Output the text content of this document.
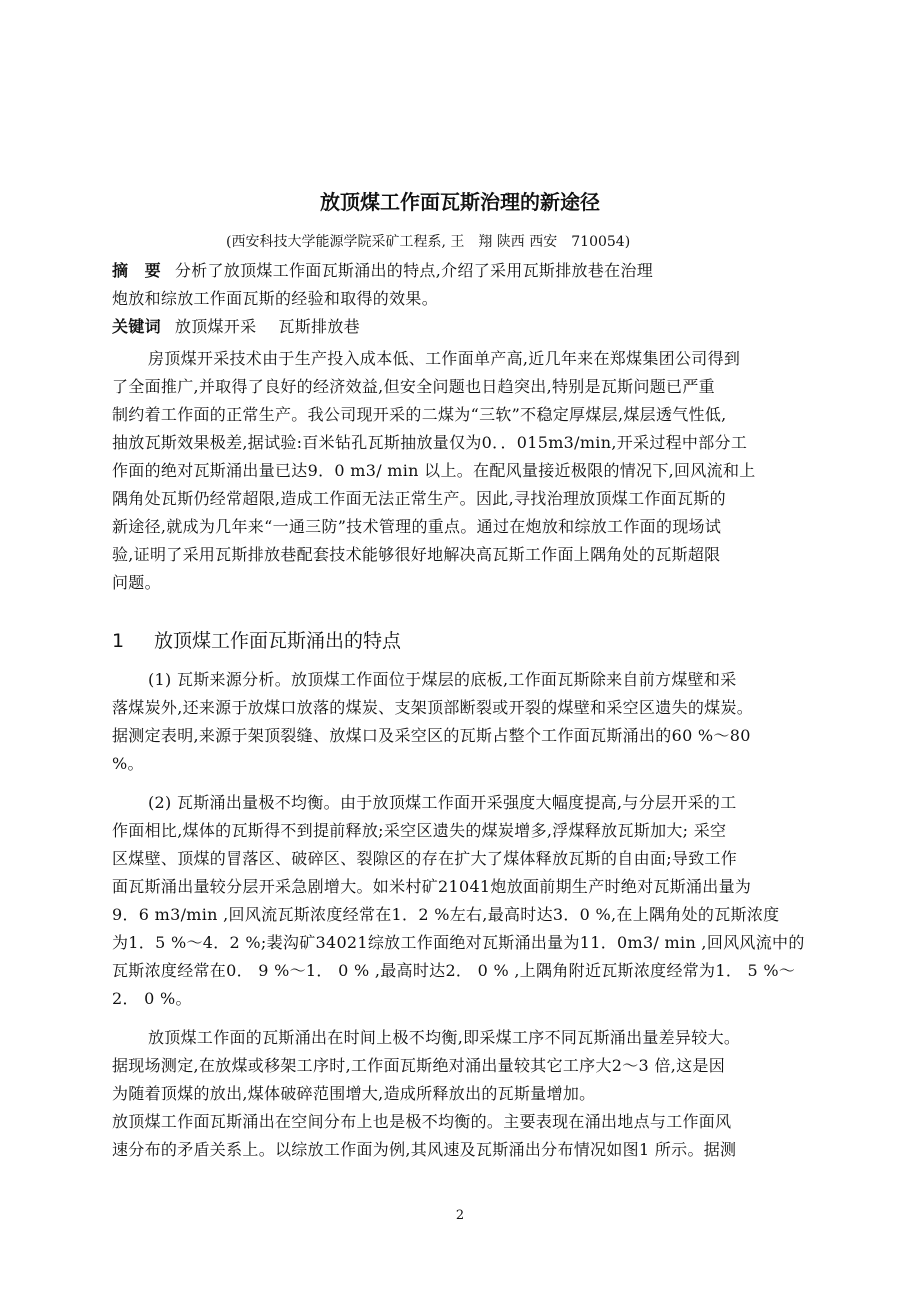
放顶煤工作面瓦斯治理的新途径
(西安科技大学能源学院采矿工程系, 王　翔 陕西 西安　710054)
摘　要 分析了放顶煤工作面瓦斯涌出的特点,介绍了采用瓦斯排放巷在治理
炮放和综放工作面瓦斯的经验和取得的效果。
关键词 放顶煤开采 瓦斯排放巷
房顶煤开采技术由于生产投入成本低、工作面单产高,近几年来在郑煤集团公司得到
了全面推广,并取得了良好的经济效益,但安全问题也日趋突出,特别是瓦斯问题已严重
制约着工作面的正常生产。我公司现开采的二煤为“三软”不稳定厚煤层,煤层透气性低,
抽放瓦斯效果极差,据试验:百米钻孔瓦斯抽放量仅为0．．015m3/min,开采过程中部分工
作面的绝对瓦斯涌出量已达9．0 m3/ min 以上。在配风量接近极限的情况下,回风流和上
隅角处瓦斯仍经常超限,造成工作面无法正常生产。因此,寻找治理放顶煤工作面瓦斯的
新途径,就成为几年来“一通三防”技术管理的重点。通过在炮放和综放工作面的现场试
验,证明了采用瓦斯排放巷配套技术能够很好地解决高瓦斯工作面上隅角处的瓦斯超限
问题。
1 放顶煤工作面瓦斯涌出的特点
(1) 瓦斯来源分析。放顶煤工作面位于煤层的底板,工作面瓦斯除来自前方煤壁和采
落煤炭外,还来源于放煤口放落的煤炭、支架顶部断裂或开裂的煤壁和采空区遗失的煤炭。
据测定表明,来源于架顶裂缝、放煤口及采空区的瓦斯占整个工作面瓦斯涌出的60 %～80
%。
(2) 瓦斯涌出量极不均衡。由于放顶煤工作面开采强度大幅度提高,与分层开采的工
作面相比,煤体的瓦斯得不到提前释放;采空区遗失的煤炭增多,浮煤释放瓦斯加大; 采空
区煤壁、顶煤的冒落区、破碎区、裂隙区的存在扩大了煤体释放瓦斯的自由面;导致工作
面瓦斯涌出量较分层开采急剧增大。如米村矿21041炮放面前期生产时绝对瓦斯涌出量为
9．6 m3/min ,回风流瓦斯浓度经常在1．2 %左右,最高时达3．0 %,在上隅角处的瓦斯浓度
为1．5 %～4．2 %;裴沟矿34021综放工作面绝对瓦斯涌出量为11．0m3/ min ,回风风流中的
瓦斯浓度经常在0． 9 %～1． 0 % ,最高时达2． 0 % ,上隅角附近瓦斯浓度经常为1． 5 %～
2． 0 %。
放顶煤工作面的瓦斯涌出在时间上极不均衡,即采煤工序不同瓦斯涌出量差异较大。
据现场测定,在放煤或移架工序时,工作面瓦斯绝对涌出量较其它工序大2～3 倍,这是因
为随着顶煤的放出,煤体破碎范围增大,造成所释放出的瓦斯量增加。
放顶煤工作面瓦斯涌出在空间分布上也是极不均衡的。主要表现在涌出地点与工作面风
速分布的矛盾关系上。以综放工作面为例,其风速及瓦斯涌出分布情况如图1 所示。据测
2
